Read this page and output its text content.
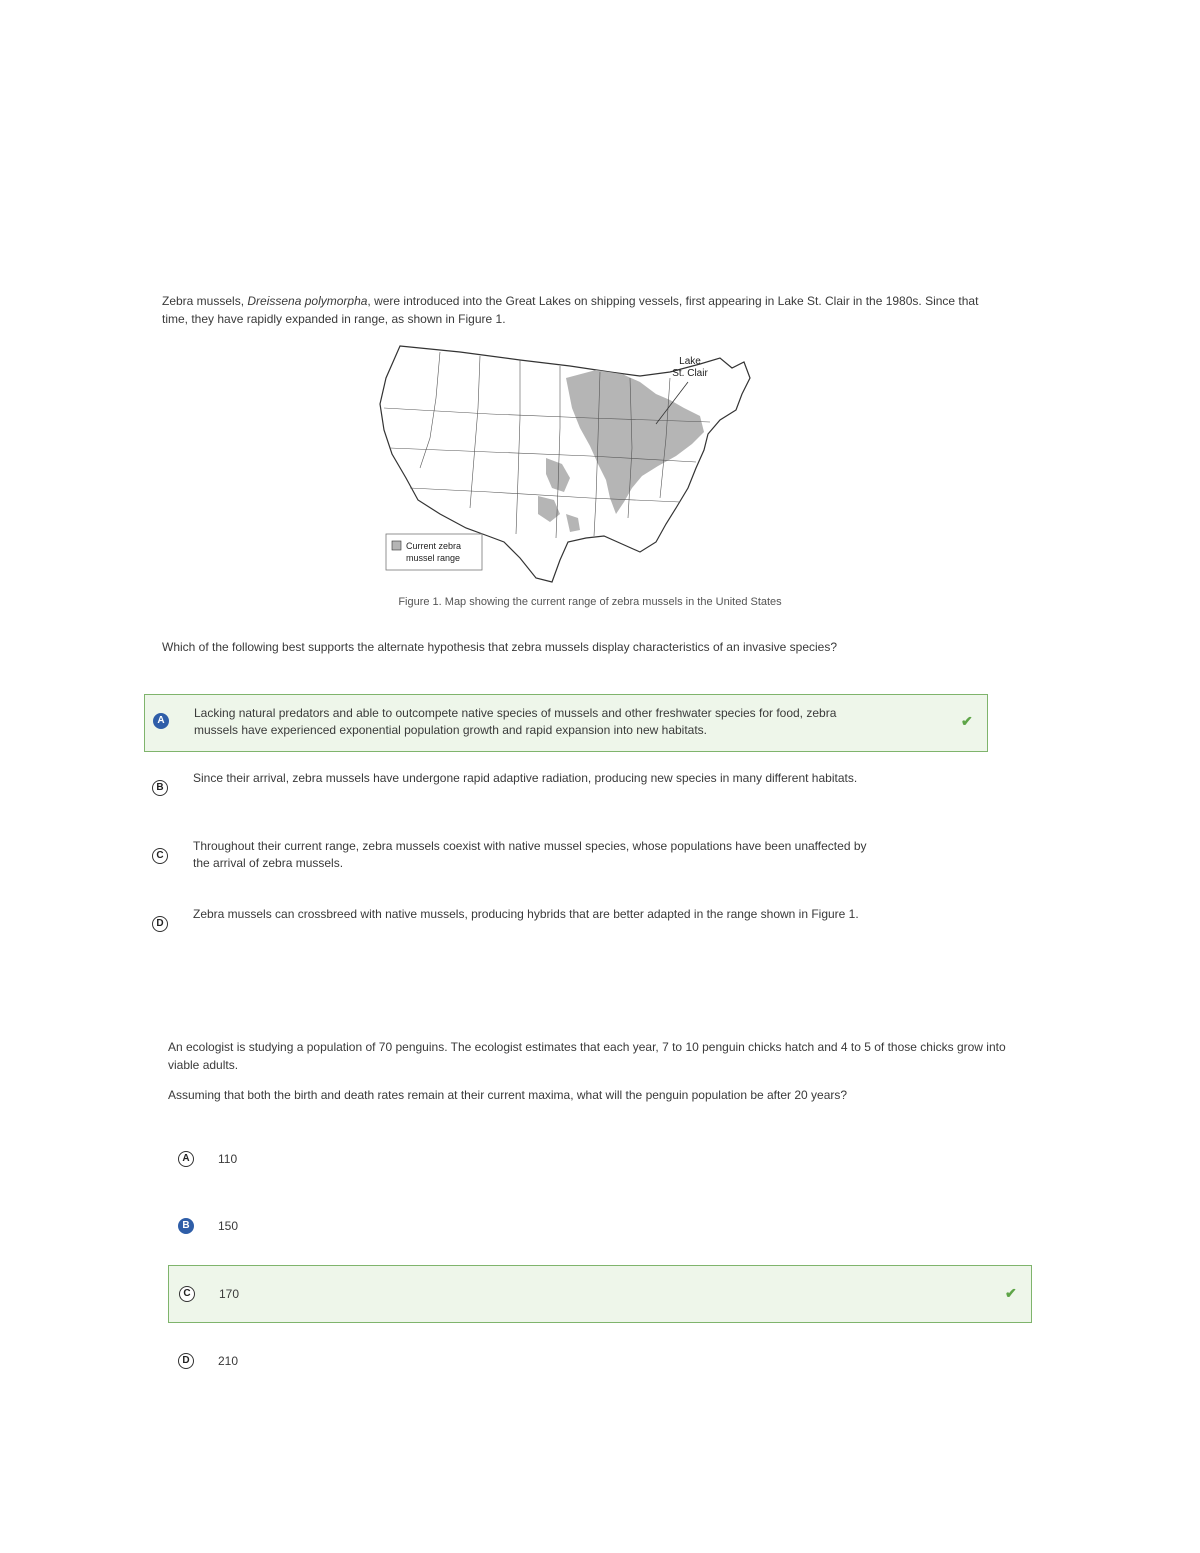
Zebra mussels, Dreissena polymorpha, were introduced into the Great Lakes on shipping vessels, first appearing in Lake St. Clair in the 1980s. Since that time, they have rapidly expanded in range, as shown in Figure 1.
Lake
St. Clair
Current zebra
mussel range
Figure 1. Map showing the current range of zebra mussels in the United States
Which of the following best supports the alternate hypothesis that zebra mussels display characteristics of an invasive species?
A
Lacking natural predators and able to outcompete native species of mussels and other freshwater species for food, zebra mussels have experienced exponential population growth and rapid expansion into new habitats.
✔
B
Since their arrival, zebra mussels have undergone rapid adaptive radiation, producing new species in many different habitats.
C
Throughout their current range, zebra mussels coexist with native mussel species, whose populations have been unaffected by the arrival of zebra mussels.
D
Zebra mussels can crossbreed with native mussels, producing hybrids that are better adapted in the range shown in Figure 1.
An ecologist is studying a population of 70 penguins. The ecologist estimates that each year, 7 to 10 penguin chicks hatch and 4 to 5 of those chicks grow into viable adults.
Assuming that both the birth and death rates remain at their current maxima, what will the penguin population be after 20 years?
A	110
B	150
C	170	✔
D	210
